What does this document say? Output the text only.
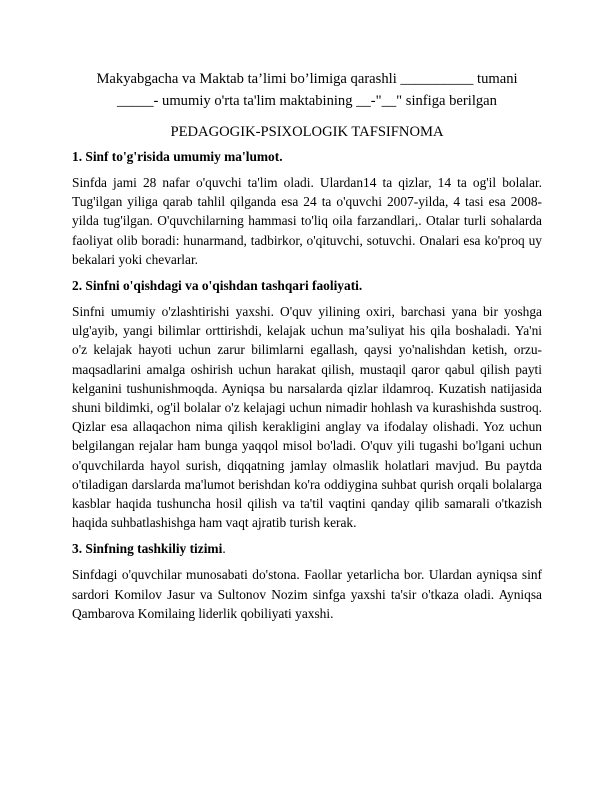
Makyabgacha va Maktab ta’limi bo’limiga qarashli __________ tumani
_____- umumiy o'rta ta'lim maktabining __-"__" sinfiga berilgan

PEDAGOGIK-PSIXOLOGIK TAFSIFNOMA

1. Sinf to'g'risida umumiy ma'lumot.

Sinfda jami 28 nafar o'quvchi ta'lim oladi. Ulardan14 ta qizlar, 14 ta og'il bolalar. Tug'ilgan yiliga qarab tahlil qilganda esa 24 ta o'quvchi 2007-yilda, 4 tasi esa 2008-yilda tug'ilgan. O'quvchilarning hammasi to'liq oila farzandlari,. Otalar turli sohalarda faoliyat olib boradi: hunarmand, tadbirkor, o'qituvchi, sotuvchi. Onalari esa ko'proq uy bekalari yoki chevarlar.

2. Sinfni o'qishdagi va o'qishdan tashqari faoliyati.

Sinfni umumiy o'zlashtirishi yaxshi. O'quv yilining oxiri, barchasi yana bir yoshga ulg'ayib, yangi bilimlar orttirishdi, kelajak uchun ma’suliyat his qila boshaladi. Ya'ni o'z kelajak hayoti uchun zarur bilimlarni egallash, qaysi yo'nalishdan ketish, orzu-maqsadlarini amalga oshirish uchun harakat qilish, mustaqil qaror qabul qilish payti kelganini tushunishmoqda. Ayniqsa bu narsalarda qizlar ildamroq. Kuzatish natijasida shuni bildimki, og'il bolalar o'z kelajagi uchun nimadir hohlash va kurashishda sustroq. Qizlar esa allaqachon nima qilish kerakligini anglay va ifodalay olishadi. Yoz uchun belgilangan rejalar ham bunga yaqqol misol bo'ladi. O'quv yili tugashi bo'lgani uchun o'quvchilarda hayol surish, diqqatning jamlay olmaslik holatlari mavjud. Bu paytda o'tiladigan darslarda ma'lumot berishdan ko'ra oddiygina suhbat qurish orqali bolalarga kasblar haqida tushuncha hosil qilish va ta'til vaqtini qanday qilib samarali o'tkazish haqida suhbatlashishga ham vaqt ajratib turish kerak.

3. Sinfning tashkiliy tizimi.

Sinfdagi o'quvchilar munosabati do'stona. Faollar yetarlicha bor. Ulardan ayniqsa sinf sardori Komilov Jasur va Sultonov Nozim sinfga yaxshi ta'sir o'tkaza oladi. Ayniqsa Qambarova Komilaing liderlik qobiliyati yaxshi.
